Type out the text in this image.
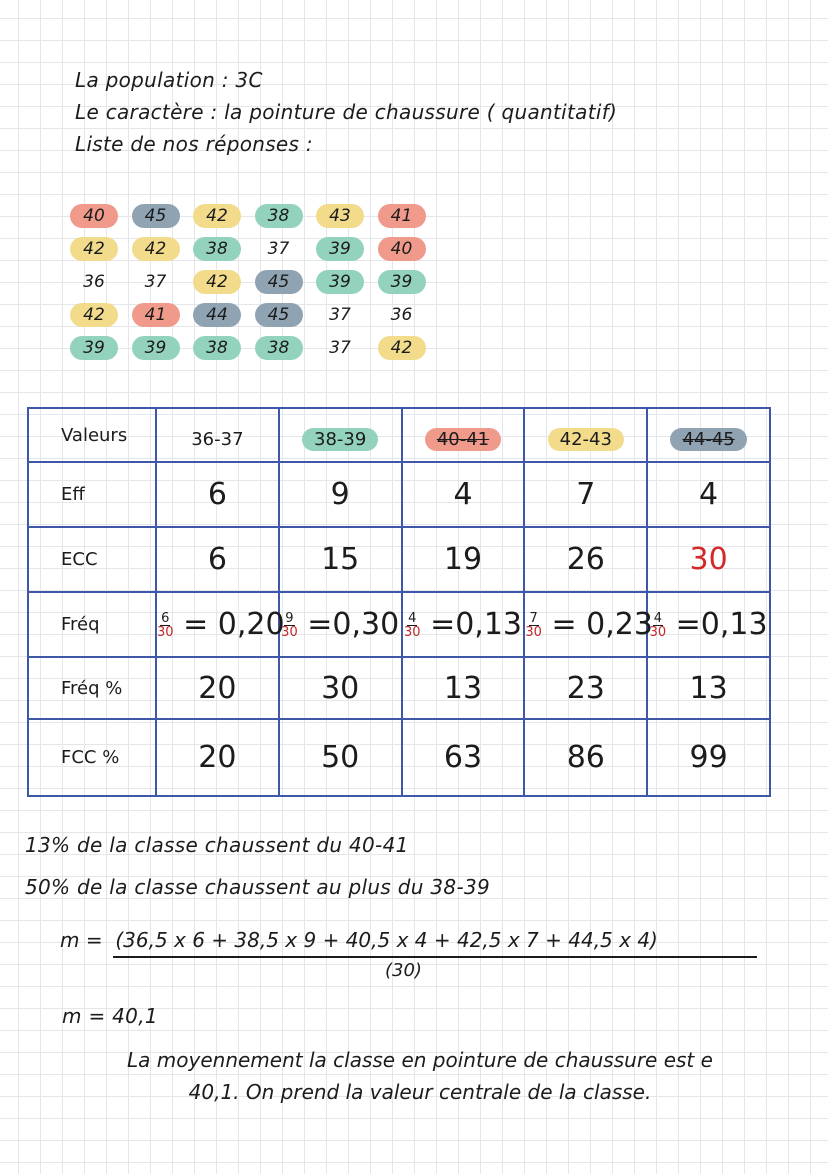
La population : 3C
Le caractère : la pointure de chaussure ( quantitatif)
Liste de nos réponses :
40	45	42	38	43	41
42	42	38	37	39	40
36	37	42	45	39	39
42	41	44	45	37	36
39	39	38	38	37	42
Valeurs	36-37	38-39	40-41	42-43	44-45
Eff	6	9	4	7	4
ECC	6	15	19	26	30
Fréq	$\frac{6}{30} = 0,20$	$\frac{9}{30} =0,30$	$\frac{4}{30} =0,13$	$\frac{7}{30} = 0,23$	$\frac{4}{30} =0,13$
Fréq %	20	30	13	23	13
FCC %	20	50	63	86	99
13% de la classe chaussent du 40-41
50% de la classe chaussent au plus du 38-39
m = (36,5 x 6 + 38,5 x 9 + 40,5 x 4 + 42,5 x 7 + 44,5 x 4)
(30)
m = 40,1
La moyennement la classe en pointure de chaussure est e 40,1. On prend la valeur centrale de la classe.
